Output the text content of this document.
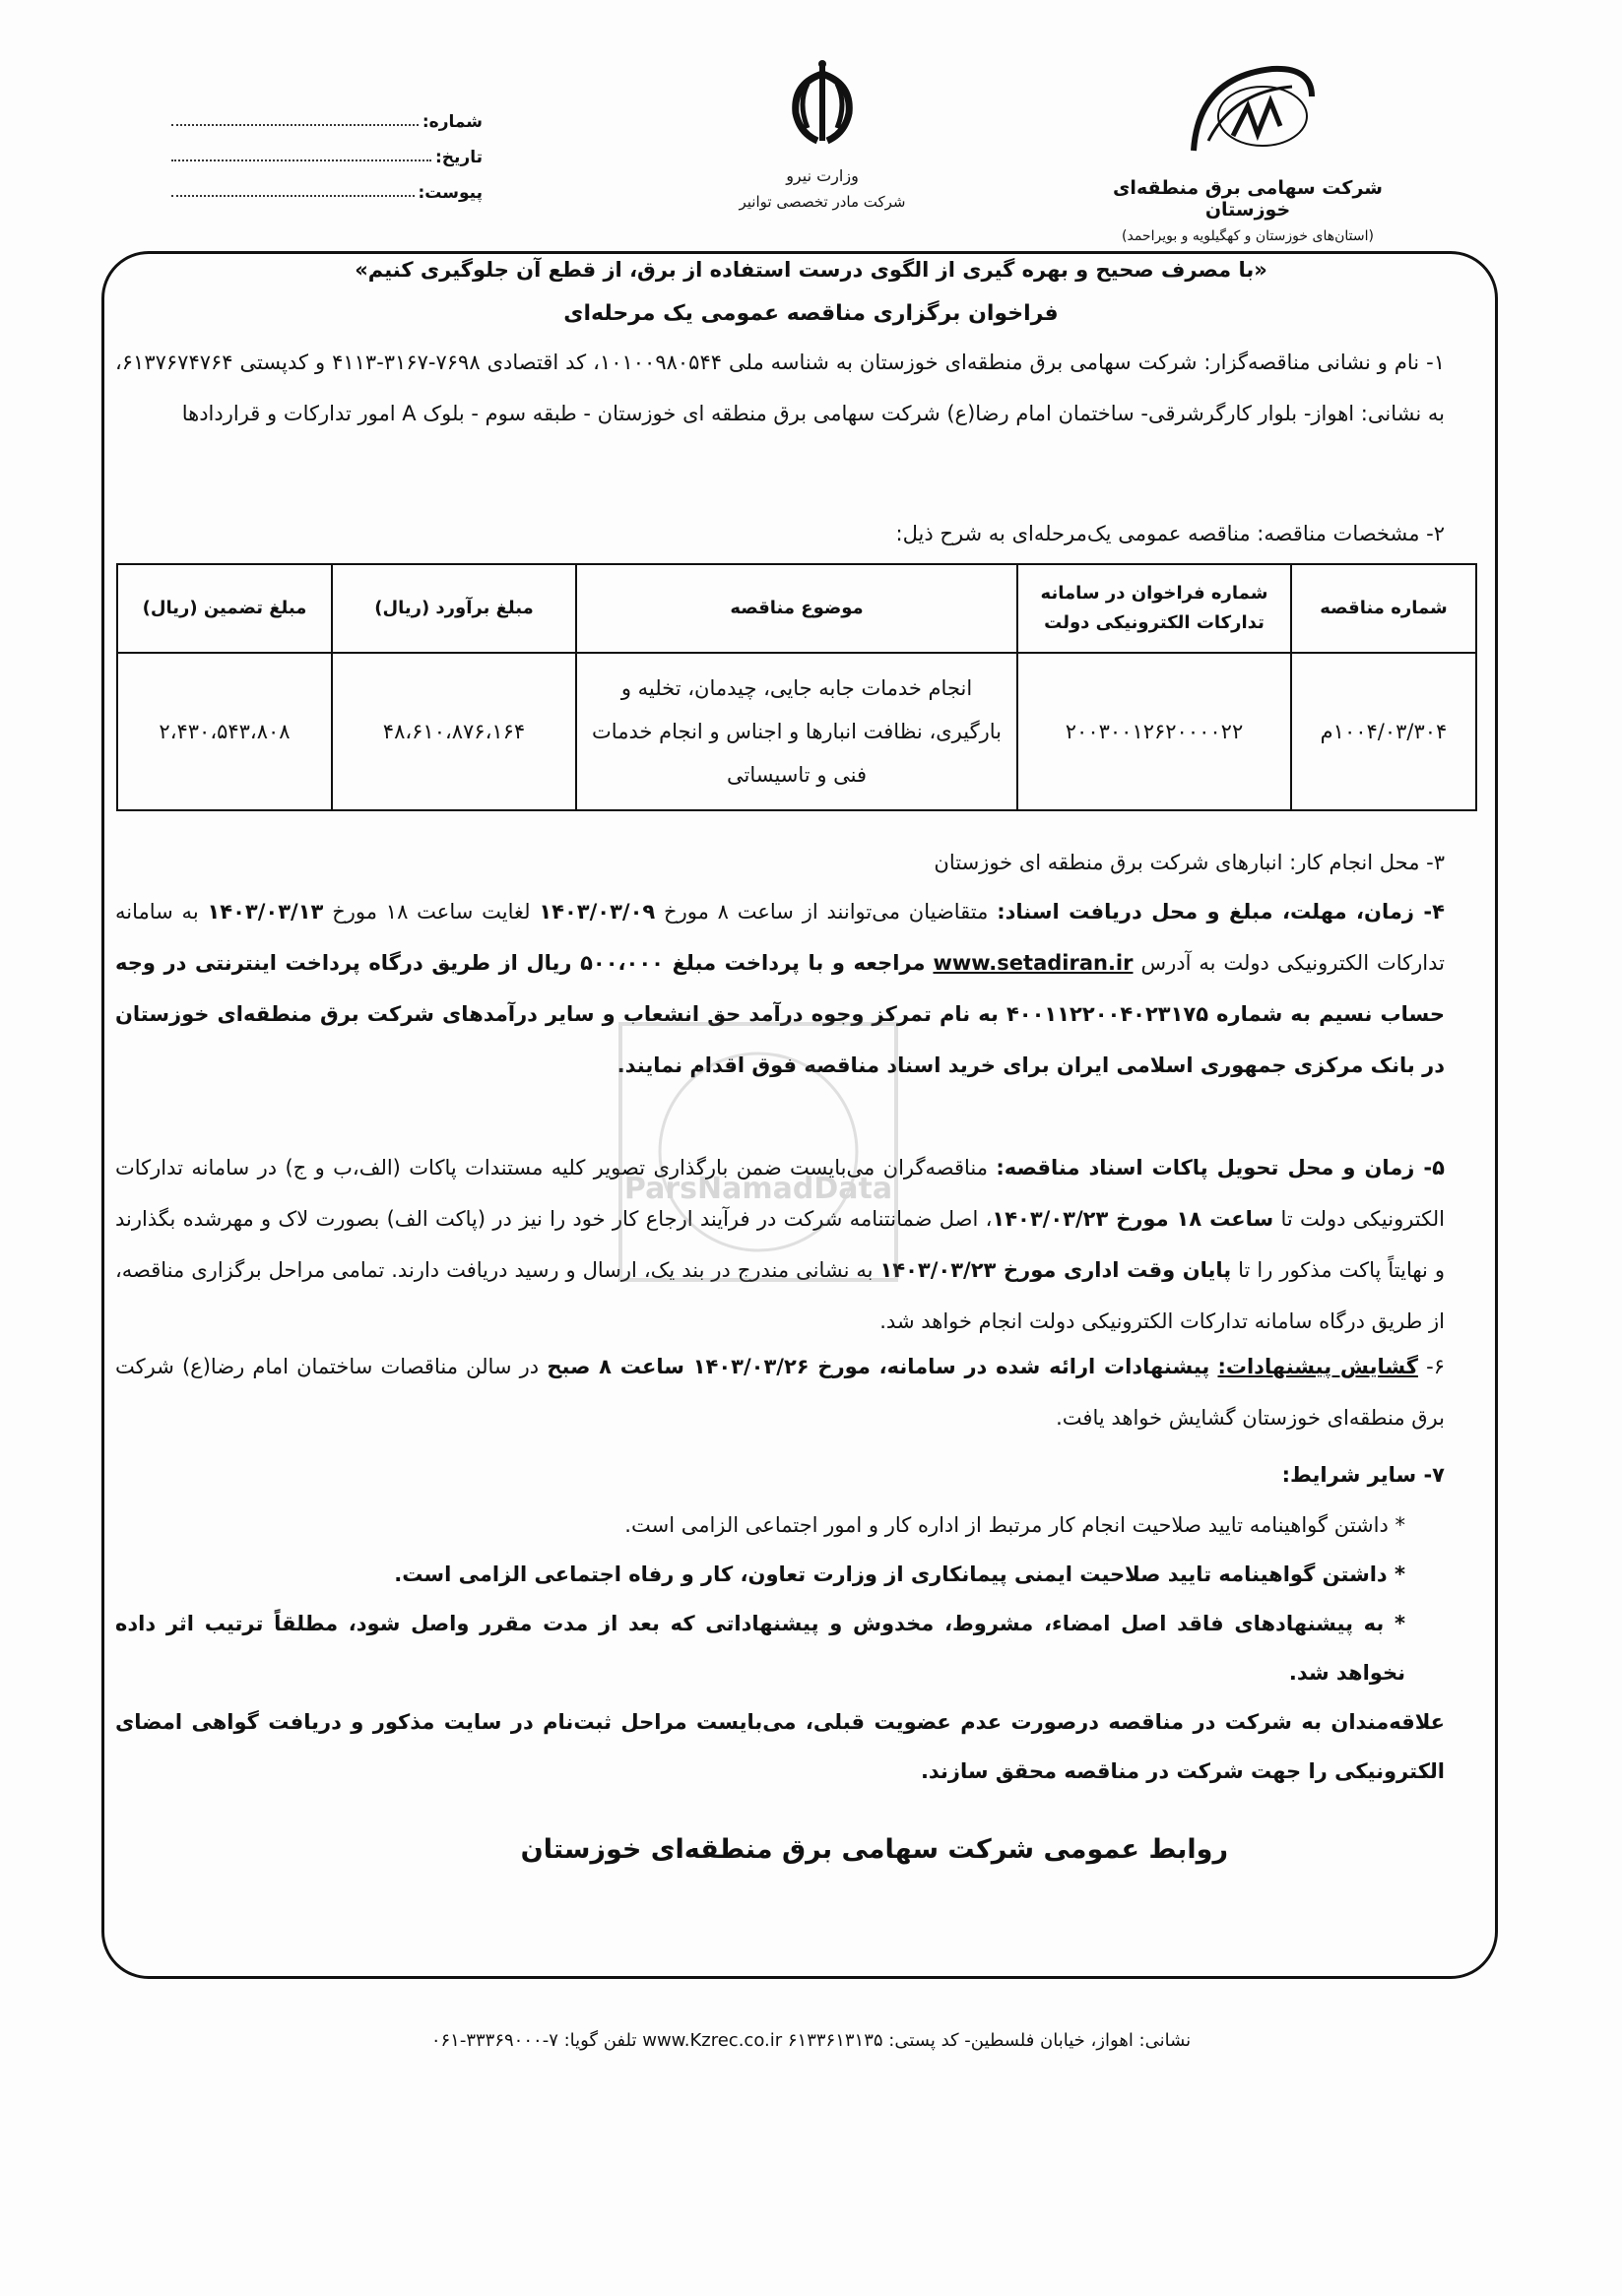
شرکت سهامی برق منطقه‌ای خوزستان
(استان‌های خوزستان و کهگیلویه و بویراحمد)
وزارت نیرو
شرکت مادر تخصصی توانیر
شماره:
تاریخ:
پیوست:
«با مصرف صحیح و بهره گیری از الگوی درست استفاده از برق، از قطع آن جلوگیری کنیم»
فراخوان برگزاری مناقصه عمومی یک مرحله‌ای
۱- نام و نشانی مناقصه‌گزار: شرکت سهامی برق منطقه‌ای خوزستان به شناسه ملی ۱۰۱۰۰۹۸۰۵۴۴، کد اقتصادی ۷۶۹۸-۳۱۶۷-۴۱۱۳ و کدپستی ۶۱۳۷۶۷۴۷۶۴، به نشانی: اهواز- بلوار کارگرشرقی- ساختمان امام رضا(ع) شرکت سهامی برق منطقه ای خوزستان - طبقه سوم - بلوک A امور تدارکات و قراردادها
۲- مشخصات مناقصه: مناقصه عمومی یک‌مرحله‌ای به شرح ذیل:
شماره مناقصه	شماره فراخوان در سامانه تدارکات الکترونیکی دولت	موضوع مناقصه	مبلغ برآورد (ریال)	مبلغ تضمین (ریال)
۱۰۰۴/۰۳/۳۰۴م	۲۰۰۳۰۰۱۲۶۲۰۰۰۰۲۲	انجام خدمات جابه جایی، چیدمان، تخلیه و بارگیری، نظافت انبارها و اجناس و انجام خدمات فنی و تاسیساتی	۴۸،۶۱۰،۸۷۶،۱۶۴	۲،۴۳۰،۵۴۳،۸۰۸
۳- محل انجام کار: انبارهای شرکت برق منطقه ای خوزستان
۴- زمان، مهلت، مبلغ و محل دریافت اسناد: متقاضیان می‌توانند از ساعت ۸ مورخ ۱۴۰۳/۰۳/۰۹ لغایت ساعت ۱۸ مورخ ۱۴۰۳/۰۳/۱۳ به سامانه تدارکات الکترونیکی دولت به آدرس www.setadiran.ir مراجعه و با پرداخت مبلغ ۵۰۰،۰۰۰ ریال از طریق درگاه پرداخت اینترنتی در وجه حساب نسیم به شماره ۴۰۰۱۱۲۲۰۰۴۰۲۳۱۷۵ به نام تمرکز وجوه درآمد حق انشعاب و سایر درآمدهای شرکت برق منطقه‌ای خوزستان در بانک مرکزی جمهوری اسلامی ایران برای خرید اسناد مناقصه فوق اقدام نمایند.
۵- زمان و محل تحویل پاکات اسناد مناقصه: مناقصه‌گران می‌بایست ضمن بارگذاری تصویر کلیه مستندات پاکات (الف،ب و ج) در سامانه تدارکات الکترونیکی دولت تا ساعت ۱۸ مورخ ۱۴۰۳/۰۳/۲۳، اصل ضمانتنامه شرکت در فرآیند ارجاع کار خود را نیز در (پاکت الف) بصورت لاک و مهرشده بگذارند و نهایتاً پاکت مذکور را تا پایان وقت اداری مورخ ۱۴۰۳/۰۳/۲۳ به نشانی مندرج در بند یک، ارسال و رسید دریافت دارند. تمامی مراحل برگزاری مناقصه، از طریق درگاه سامانه تدارکات الکترونیکی دولت انجام خواهد شد.
۶- گشایش پیشنهادات: پیشنهادات ارائه شده در سامانه، مورخ ۱۴۰۳/۰۳/۲۶ ساعت ۸ صبح در سالن مناقصات ساختمان امام رضا(ع) شرکت برق منطقه‌ای خوزستان گشایش خواهد یافت.
۷- سایر شرایط:
* داشتن گواهینامه تایید صلاحیت انجام کار مرتبط از اداره کار و امور اجتماعی الزامی است.
* داشتن گواهینامه تایید صلاحیت ایمنی پیمانکاری از وزارت تعاون، کار و رفاه اجتماعی الزامی است.
* به پیشنهادهای فاقد اصل امضاء، مشروط، مخدوش و پیشنهاداتی که بعد از مدت مقرر واصل شود، مطلقاً ترتیب اثر داده نخواهد شد.
علاقه‌مندان به شرکت در مناقصه درصورت عدم عضویت قبلی، می‌بایست مراحل ثبت‌نام در سایت مذکور و دریافت گواهی امضای الکترونیکی را جهت شرکت در مناقصه محقق سازند.
روابط عمومی شرکت سهامی برق منطقه‌ای خوزستان
نشانی: اهواز، خیابان فلسطین- کد پستی: ۶۱۳۳۶۱۳۱۳۵ www.Kzrec.co.ir تلفن گویا: ۷-۳۳۳۶۹۰۰۰-۰۶۱
ParsNamadData
